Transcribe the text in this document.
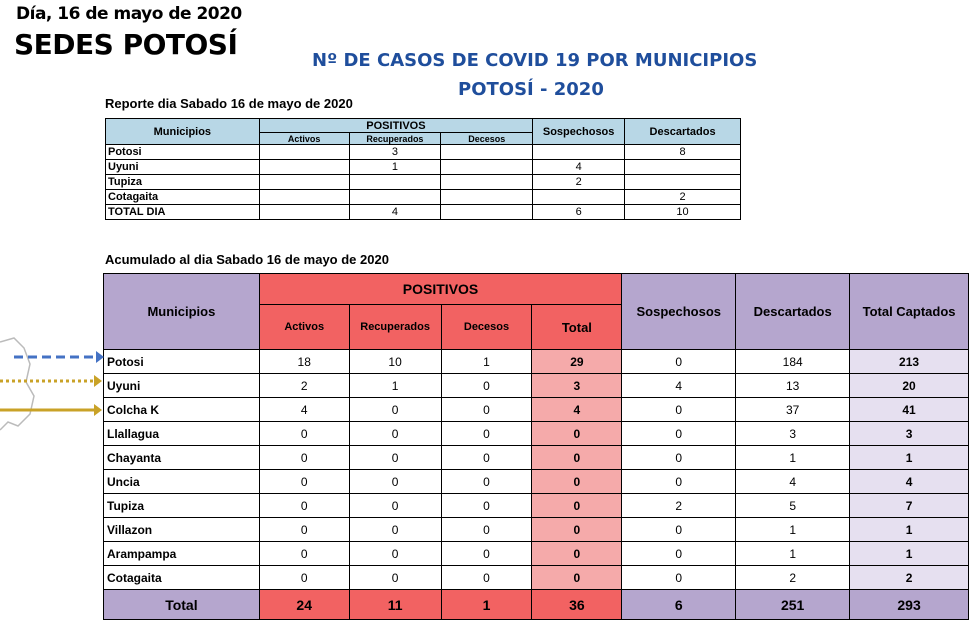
Día, 16 de mayo de 2020
SEDES POTOSÍ	Nº DE CASOS DE COVID 19 POR MUNICIPIOS
POTOSÍ - 2020
Reporte dia Sabado 16 de mayo de 2020
Municipios	POSITIVOS			Sospechosos	Descartados
	Activos	Recuperados	Decesos		
Potosi		3			8
Uyuni		1		4	
Tupiza				2	
Cotagaita					2
TOTAL DIA		4		6	10
Acumulado al dia Sabado 16 de mayo de 2020
Municipios	POSITIVOS				Sospechosos	Descartados	Total Captados
	Activos	Recuperados	Decesos	Total			
Potosi	18	10	1	29	0	184	213
Uyuni	2	1	0	3	4	13	20
Colcha K	4	0	0	4	0	37	41
Llallagua	0	0	0	0	0	3	3
Chayanta	0	0	0	0	0	1	1
Uncia	0	0	0	0	0	4	4
Tupiza	0	0	0	0	2	5	7
Villazon	0	0	0	0	0	1	1
Arampampa	0	0	0	0	0	1	1
Cotagaita	0	0	0	0	0	2	2
Total	24	11	1	36	6	251	293
